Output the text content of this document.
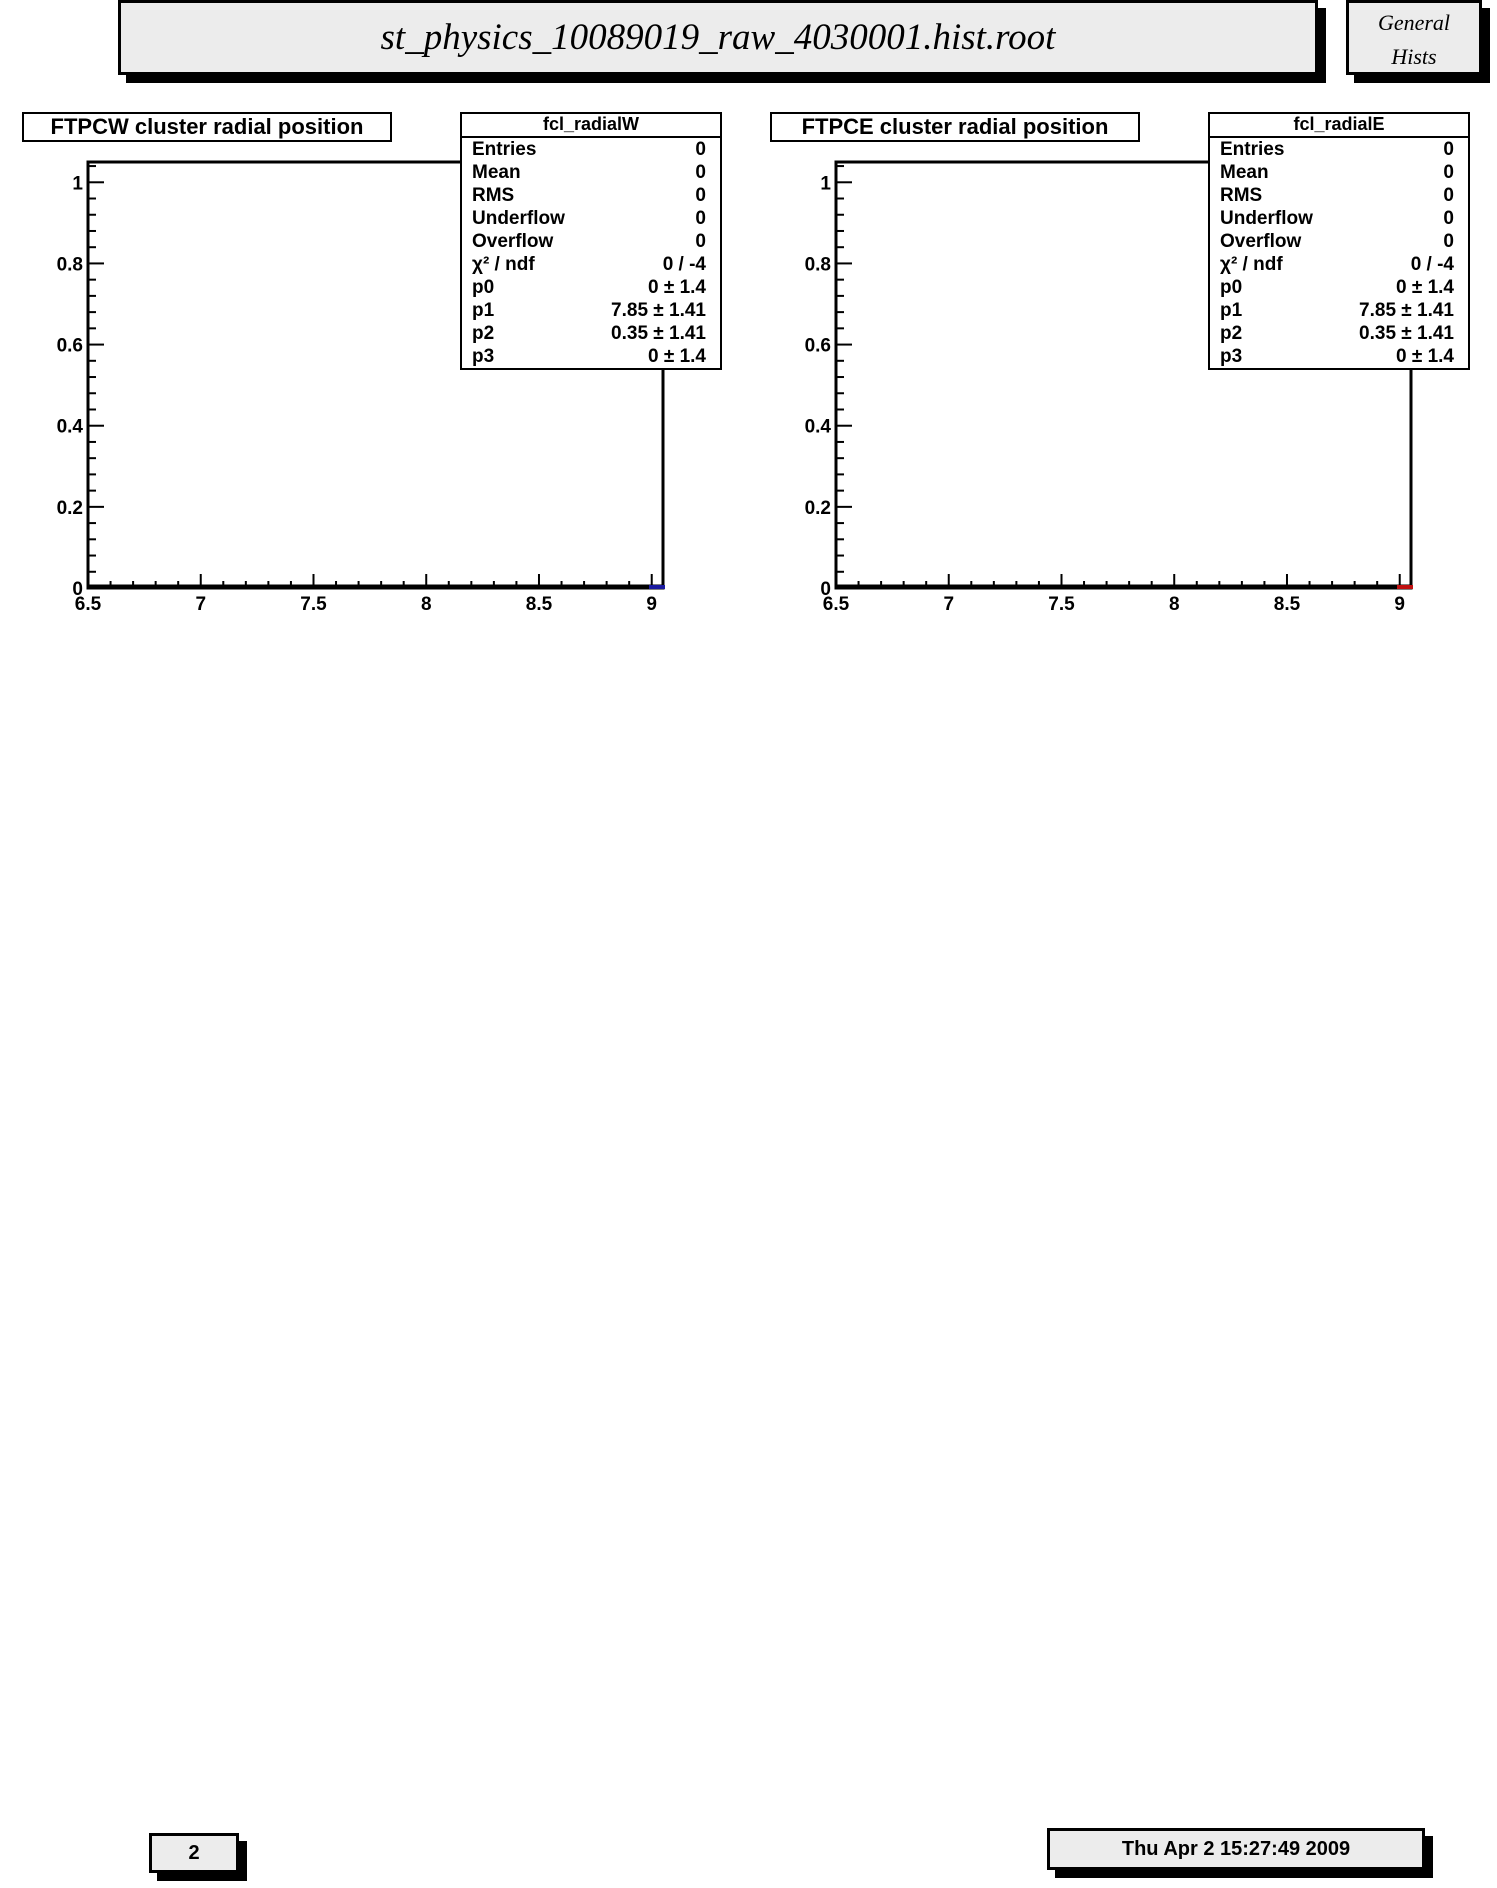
st_physics_10089019_raw_4030001.hist.root	General
Hists
FTPCW cluster radial position
0
0.2
0.4
0.6
0.8
1
6.5	7	7.5	8	8.5	9
fcl_radialW
Entries	0
Mean	0
RMS	0
Underflow	0
Overflow	0
χ² / ndf	0 / -4
p0	0 ± 1.4
p1	7.85 ± 1.41
p2	0.35 ± 1.41
p3	0 ± 1.4
FTPCE cluster radial position
0
0.2
0.4
0.6
0.8
1
6.5	7	7.5	8	8.5	9
fcl_radialE
Entries	0
Mean	0
RMS	0
Underflow	0
Overflow	0
χ² / ndf	0 / -4
p0	0 ± 1.4
p1	7.85 ± 1.41
p2	0.35 ± 1.41
p3	0 ± 1.4
2	Thu Apr 2 15:27:49 2009
